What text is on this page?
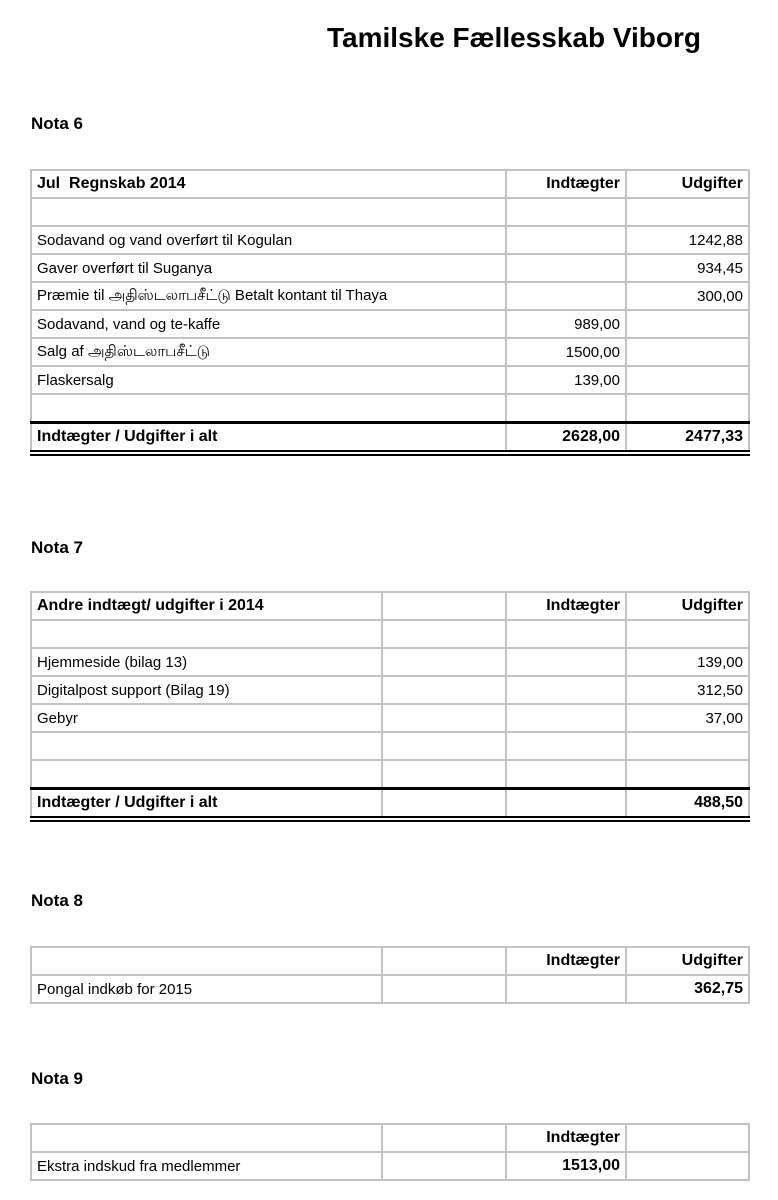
Tamilske Fællesskab Viborg
Nota 6
Jul  Regnskab 2014	Indtægter	Udgifter

Sodavand og vand overført til Kogulan		1242,88
Gaver overført til Suganya		934,45
Præmie til அதிஸ்டலாபசீட்டு Betalt kontant til Thaya		300,00
Sodavand, vand og te-kaffe	989,00	
Salg af அதிஸ்டலாபசீட்டு	1500,00	
Flaskersalg	139,00	

Indtægter / Udgifter i alt	2628,00	2477,33
Nota 7
Andre indtægt/ udgifter i 2014		Indtægter	Udgifter

Hjemmeside (bilag 13)			139,00
Digitalpost support (Bilag 19)			312,50
Gebyr			37,00

Indtægter / Udgifter i alt			488,50
Nota 8
		Indtægter	Udgifter
Pongal indkøb for 2015			362,75
Nota 9
		Indtægter	
Ekstra indskud fra medlemmer		1513,00	
